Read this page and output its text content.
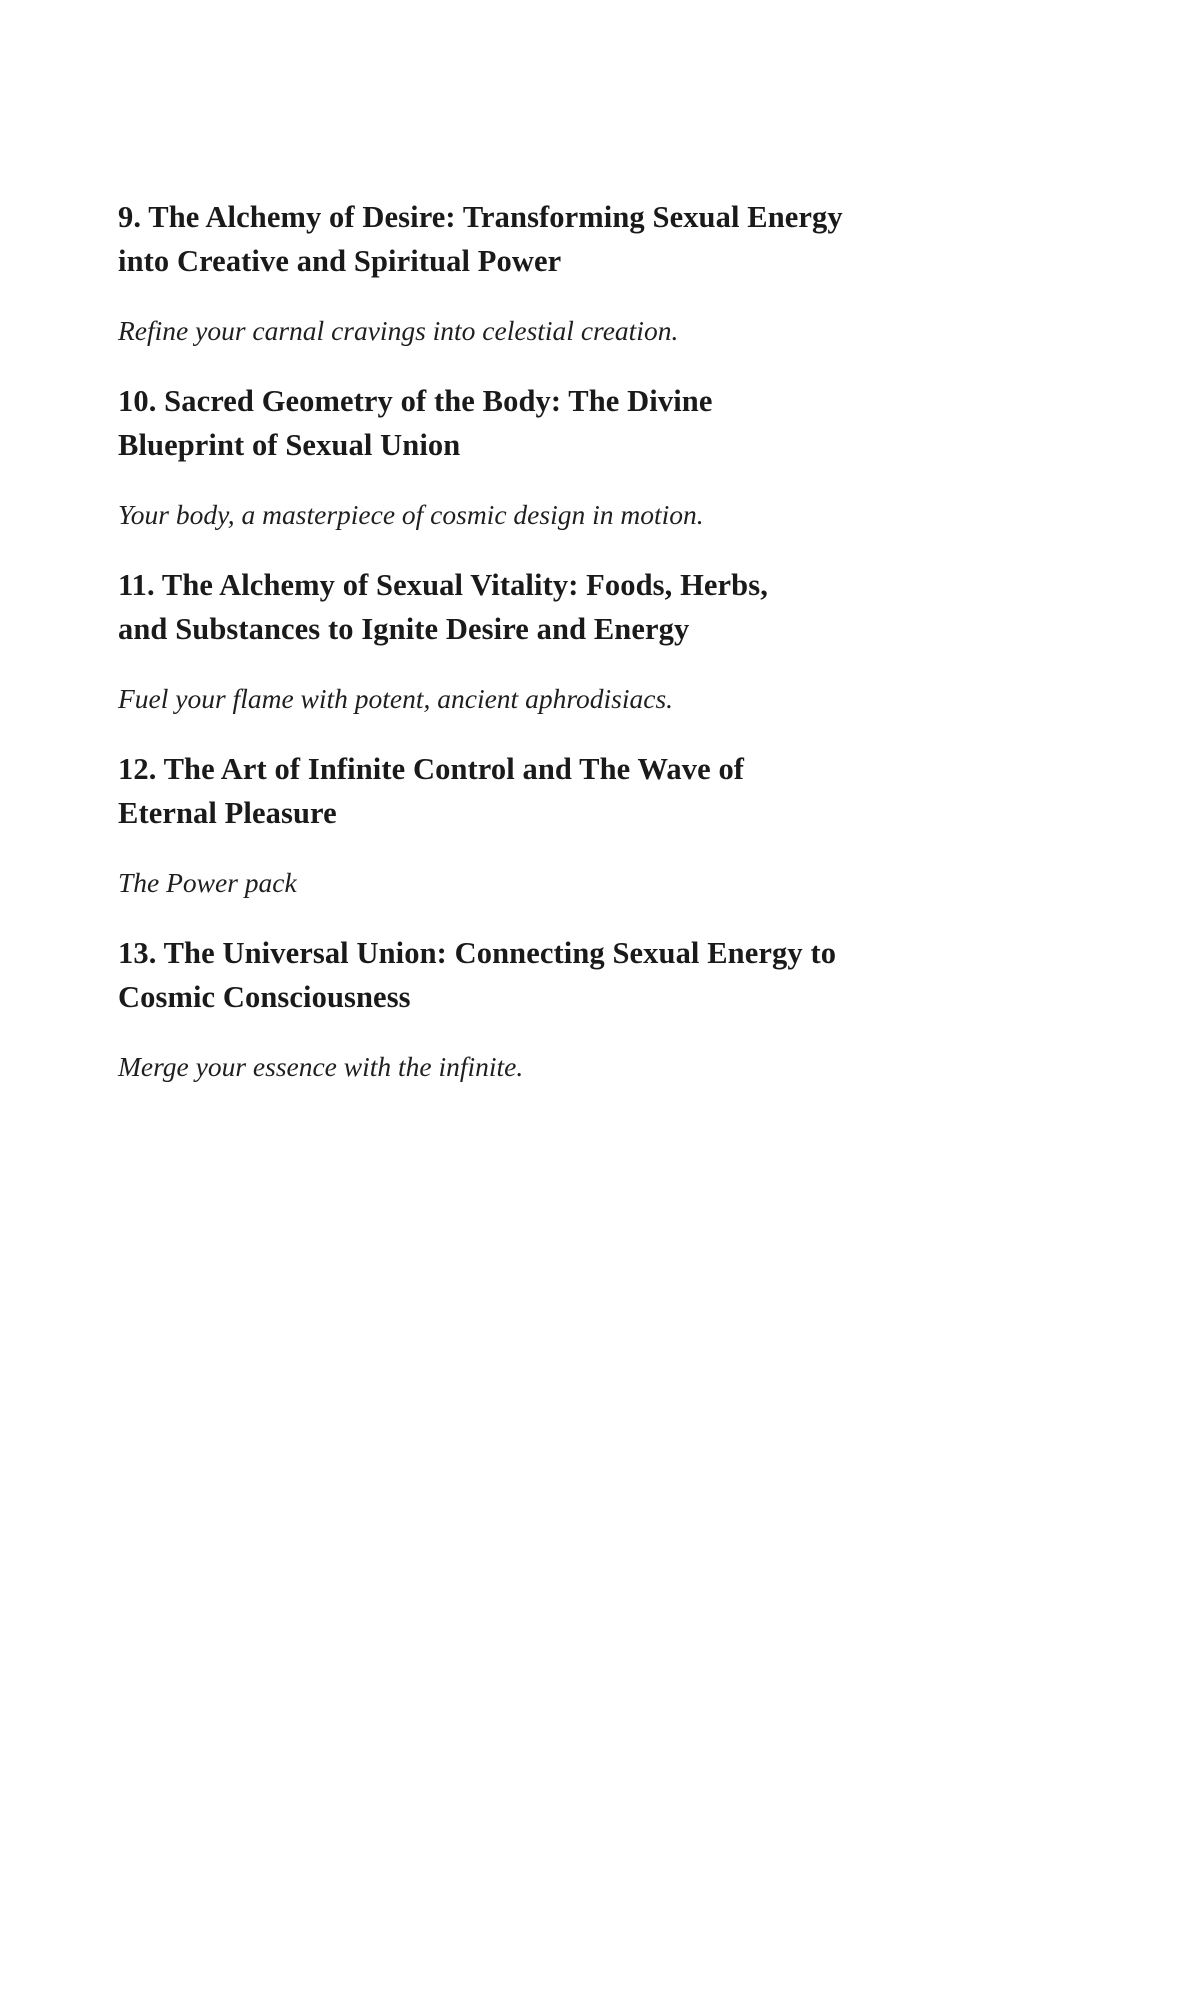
9. The Alchemy of Desire: Transforming Sexual Energy into Creative and Spiritual Power

Refine your carnal cravings into celestial creation.

10. Sacred Geometry of the Body: The Divine Blueprint of Sexual Union

Your body, a masterpiece of cosmic design in motion.

11. The Alchemy of Sexual Vitality: Foods, Herbs, and Substances to Ignite Desire and Energy

Fuel your flame with potent, ancient aphrodisiacs.

12. The Art of Infinite Control and The Wave of Eternal Pleasure

The Power pack

13. The Universal Union: Connecting Sexual Energy to Cosmic Consciousness

Merge your essence with the infinite.
